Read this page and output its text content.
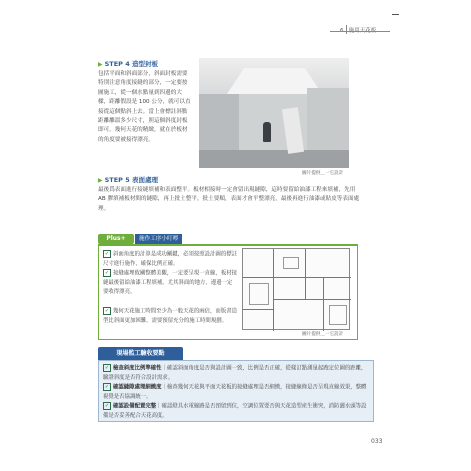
▶ STEP 4 造型封板
包括平面和斜面部分，斜面封板需要特別注意角度接縫的部分，一定要按圖施工，從一個水點量到四邊的大樑，距離假設是 100 公分，就可以直接從這個點斜上去。當上會標註斜點距離離溫多少尺寸，照這個斜度封板即可。幾何天花的精緻，就在於板材的角度要被接得漂亮。
圖片提供＿一它設計
▶ STEP 5 表面處理
最後爲表面進行接縫填補和表面整平。板材相接時一定會留出現縫隙，這時要留給油漆工程來填補，先用 AB 膠填補板材間的縫隙，再上批土整平，批土要順，表面才會平整漂亮，最後再進行油漆或貼皮等表面處理。
Plus+	施作工序小叮嚀
✓ 斜面角度的計算是成功關鍵，必須按照設計圖的標註尺寸進行施作，確保比例正確。
✓ 接縫處理攸關整體美觀，一定要呈現一直線，板材接縫最後留給油漆工程填補，尤其斜面的地方，邊邊一定要收得漂亮。
✓ 幾何天花施工時間至少為一般天花的兩倍，而版書造型比斜面更加困難，需要預留充分的施工時間規劃。
圖片提供＿一它設計
現場監工驗收要點
✓ 檢查斜度比例準確性｜確認斜面角度是否與設計圖一致，比例是否正確，從樣訂點測量起跑定位圖的距離，驗證斜度是否符合設計需求。
✓ 確認縫隙處理細緻度｜檢查幾何天花與平面天花板的接縫處理是否細緻，接縫線條是否呈現直線效果，整體視覺是否協調統一。
✓ 確認設備配置完整｜確認燈具水電線路是否預留到位，空調位置要否與天花造型產生衝突，消防灑水頭等設備是否妥善配合天花高度。
033
